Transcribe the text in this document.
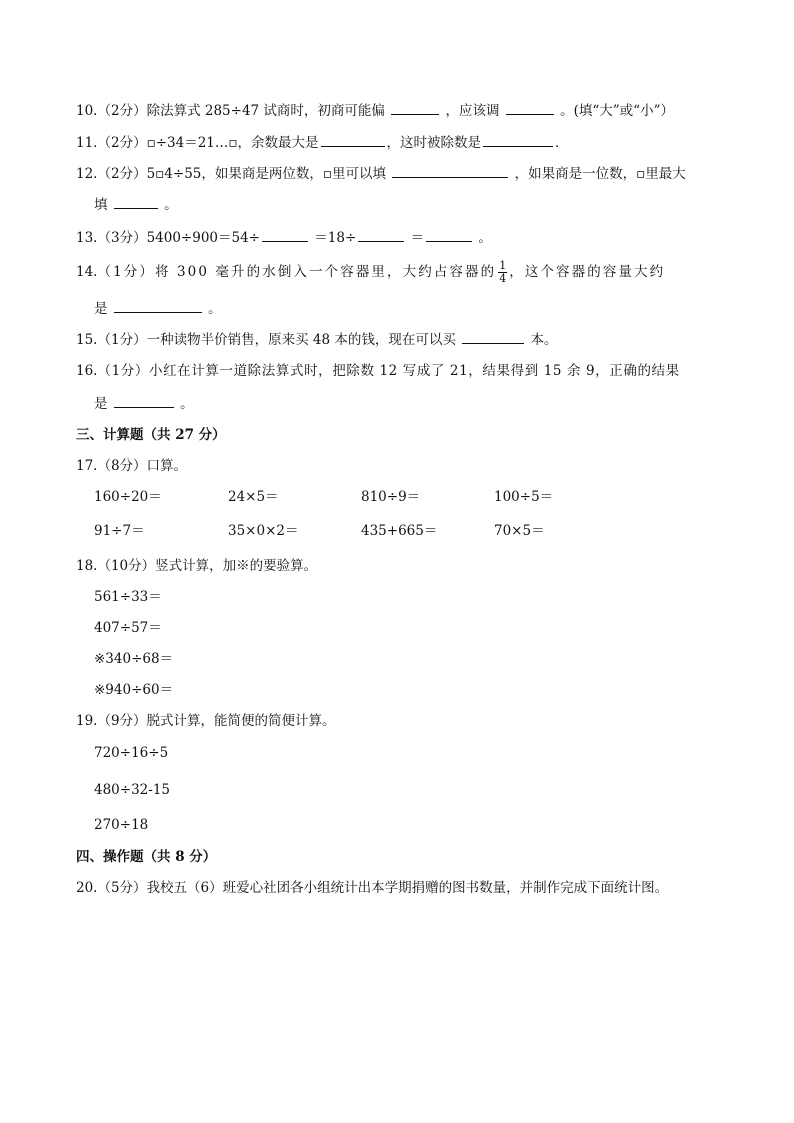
10.（2分）除法算式 285÷47 试商时，初商可能偏	，应该调	。(填“大”或“小”）
11.（2分）▫÷34＝21…▫，余数最大是	，这时被除数是	．
12.（2分）5▫4÷55，如果商是两位数，▫里可以填	，如果商是一位数，▫里最大
填	。
13.（3分）5400÷900＝54÷	＝18÷	＝	。
14.（1分）将 300 毫升的水倒入一个容器里，大约占容器的 $\frac{1}{4}$ ，这个容器的容量大约
是	。
15.（1分）一种读物半价销售，原来买 48 本的钱，现在可以买	本。
16.（1分）小红在计算一道除法算式时，把除数 12 写成了 21，结果得到 15 余 9，正确的结果
是	。
三、计算题（共 27 分）
17.（8分）口算。
160÷20＝	24×5＝	810÷9＝	100÷5＝
91÷7＝	35×0×2＝	435+665＝	70×5＝
18.（10分）竖式计算，加※的要验算。
561÷33＝
407÷57＝
※340÷68＝
※940÷60＝
19.（9分）脱式计算，能简便的简便计算。
720÷16÷5
480÷32-15
270÷18
四、操作题（共 8 分）
20.（5分）我校五（6）班爱心社团各小组统计出本学期捐赠的图书数量，并制作完成下面统计图。
